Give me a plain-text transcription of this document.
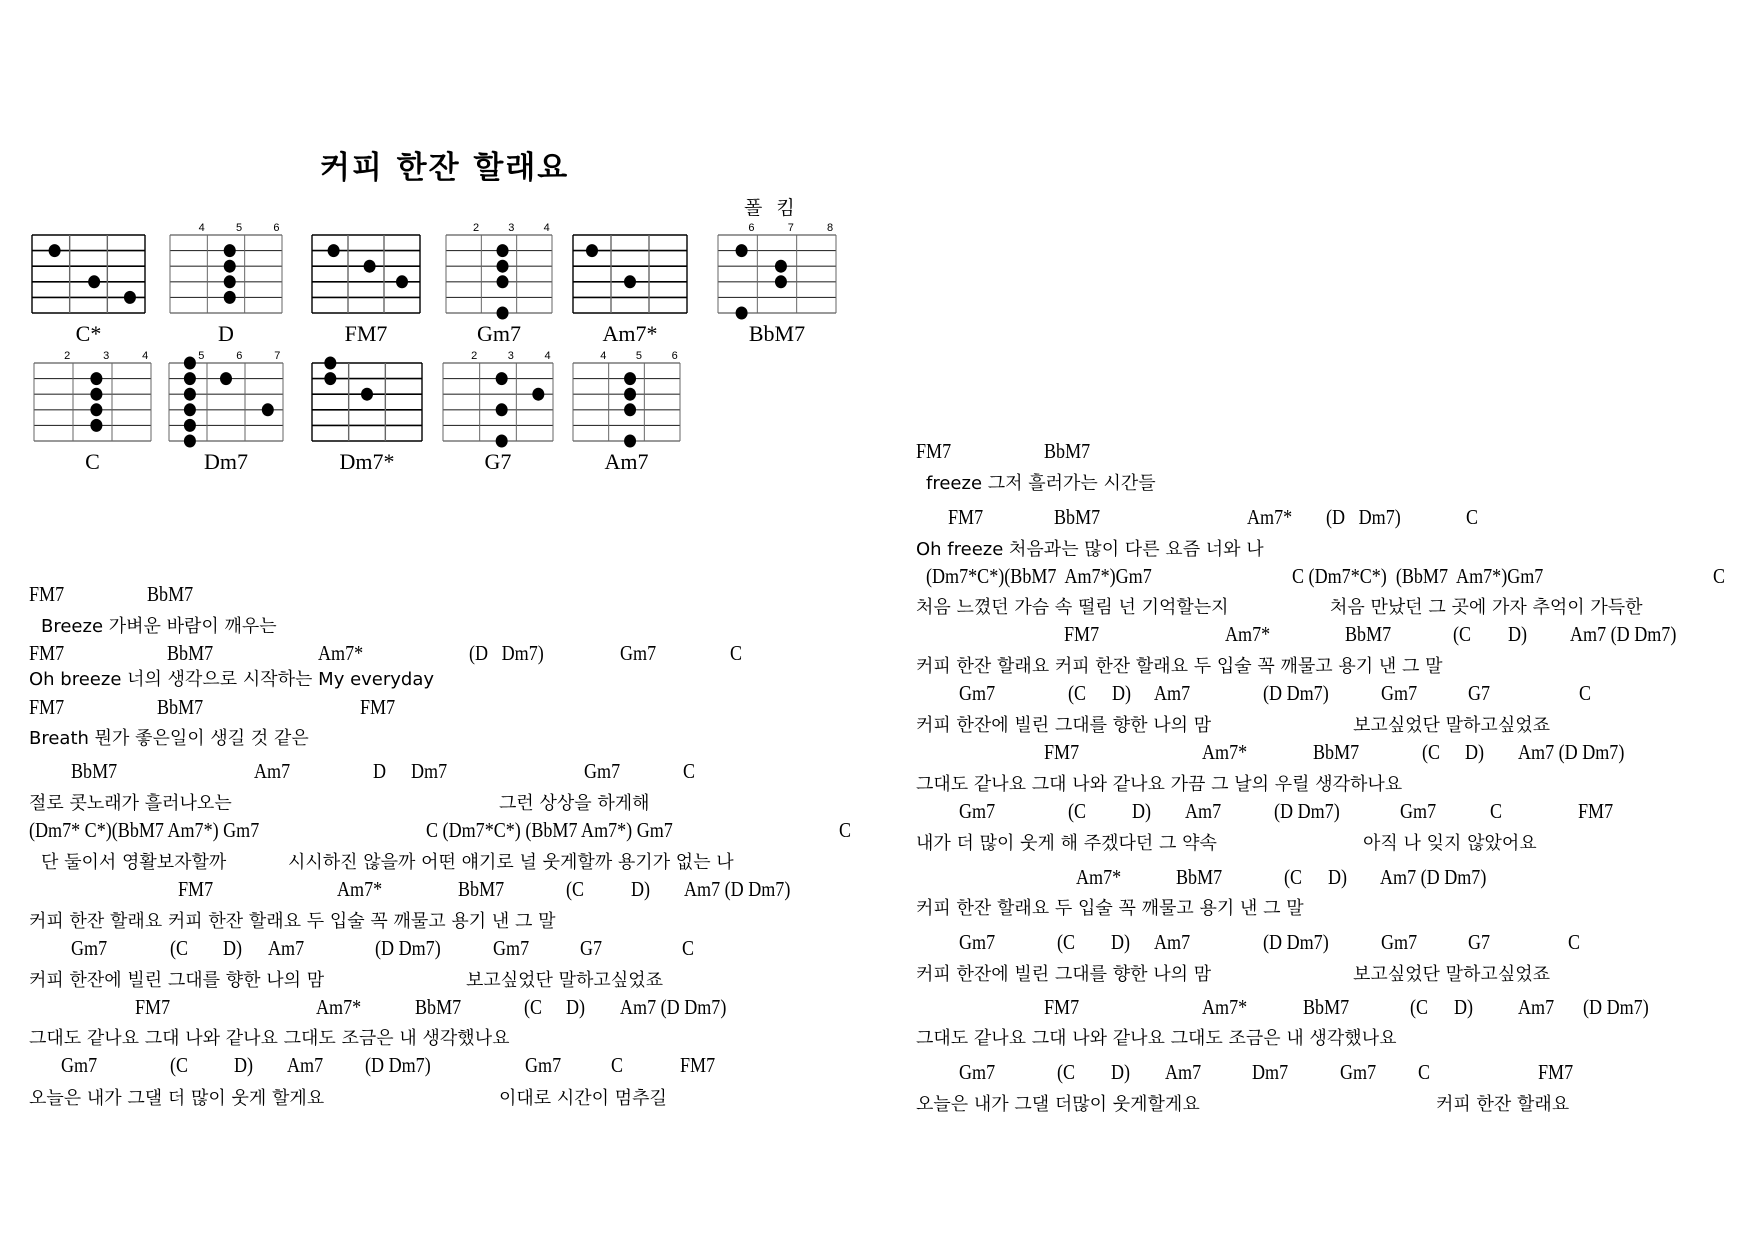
커피 한잔 할래요
폴 킴
C*
4	5	6
D	FM7
2	3	4
Gm7	Am7*
6	7	8
BbM7
2	3	4
C
5	6	7
Dm7	Dm7*
2	3	4
G7
4	5	6
Am7
FM7	BbM7
Breeze 가벼운 바람이 깨우는
FM7	BbM7	Am7*	(D   Dm7)	Gm7	C
Oh breeze 너의 생각으로 시작하는 My everyday
FM7	BbM7	FM7
Breath 뭔가 좋은일이 생길 것 같은
BbM7	Am7	D Dm7	Gm7	C
절로 콧노래가 흘러나오는	그런 상상을 하게해
(Dm7* C*)(BbM7 Am7*) Gm7	C (Dm7*C*) (BbM7 Am7*) Gm7	C
단 둘이서 영활보자할까	시시하진 않을까 어떤 얘기로 널 웃게할까 용기가 없는 나
FM7	Am7*	BbM7	(C D) Am7 (D Dm7)
커피 한잔 할래요 커피 한잔 할래요 두 입술 꼭 깨물고 용기 낸 그 말
Gm7	(C D) Am7	(D Dm7) Gm7 G7	C
커피 한잔에 빌린 그대를 향한 나의 맘	보고싶었단 말하고싶었죠
FM7	Am7*	BbM7	(C D) Am7 (D Dm7)
그대도 같나요 그대 나와 같나요 그대도 조금은 내 생각했나요
Gm7	(C D) Am7 (D Dm7)	Gm7 C	FM7
오늘은 내가 그댈 더 많이 웃게 할게요	이대로 시간이 멈추길
FM7	BbM7
freeze 그저 흘러가는 시간들
FM7	BbM7	Am7* (D   Dm7)	C
Oh freeze 처음과는 많이 다른 요즘 너와 나
(Dm7*C*)(BbM7  Am7*)Gm7	C (Dm7*C*)  (BbM7  Am7*)Gm7	C
처음 느꼈던 가슴 속 떨림 넌 기억할는지	처음 만났던 그 곳에 가자 추억이 가득한
FM7	Am7*	BbM7	(C D) Am7 (D Dm7)
커피 한잔 할래요 커피 한잔 할래요 두 입술 꼭 깨물고 용기 낸 그 말
Gm7	(C D) Am7	(D Dm7) Gm7 G7	C
커피 한잔에 빌린 그대를 향한 나의 맘	보고싶었단 말하고싶었죠
FM7	Am7*	BbM7	(C D) Am7 (D Dm7)
그대도 같나요 그대 나와 같나요 가끔 그 날의 우릴 생각하나요
Gm7	(C D) Am7	(D Dm7)	Gm7	C	FM7
내가 더 많이 웃게 해 주겠다던 그 약속	아직 나 잊지 않았어요
Am7*	BbM7	(C D) Am7 (D Dm7)
커피 한잔 할래요 두 입술 꼭 깨물고 용기 낸 그 말
Gm7	(C D) Am7	(D Dm7) Gm7 G7	C
커피 한잔에 빌린 그대를 향한 나의 맘	보고싶었단 말하고싶었죠
FM7	Am7*	BbM7	(C D) Am7 (D Dm7)
그대도 같나요 그대 나와 같나요 그대도 조금은 내 생각했나요
Gm7	(C D) Am7 Dm7 Gm7 C	FM7
오늘은 내가 그댈 더많이 웃게할게요	커피 한잔 할래요
